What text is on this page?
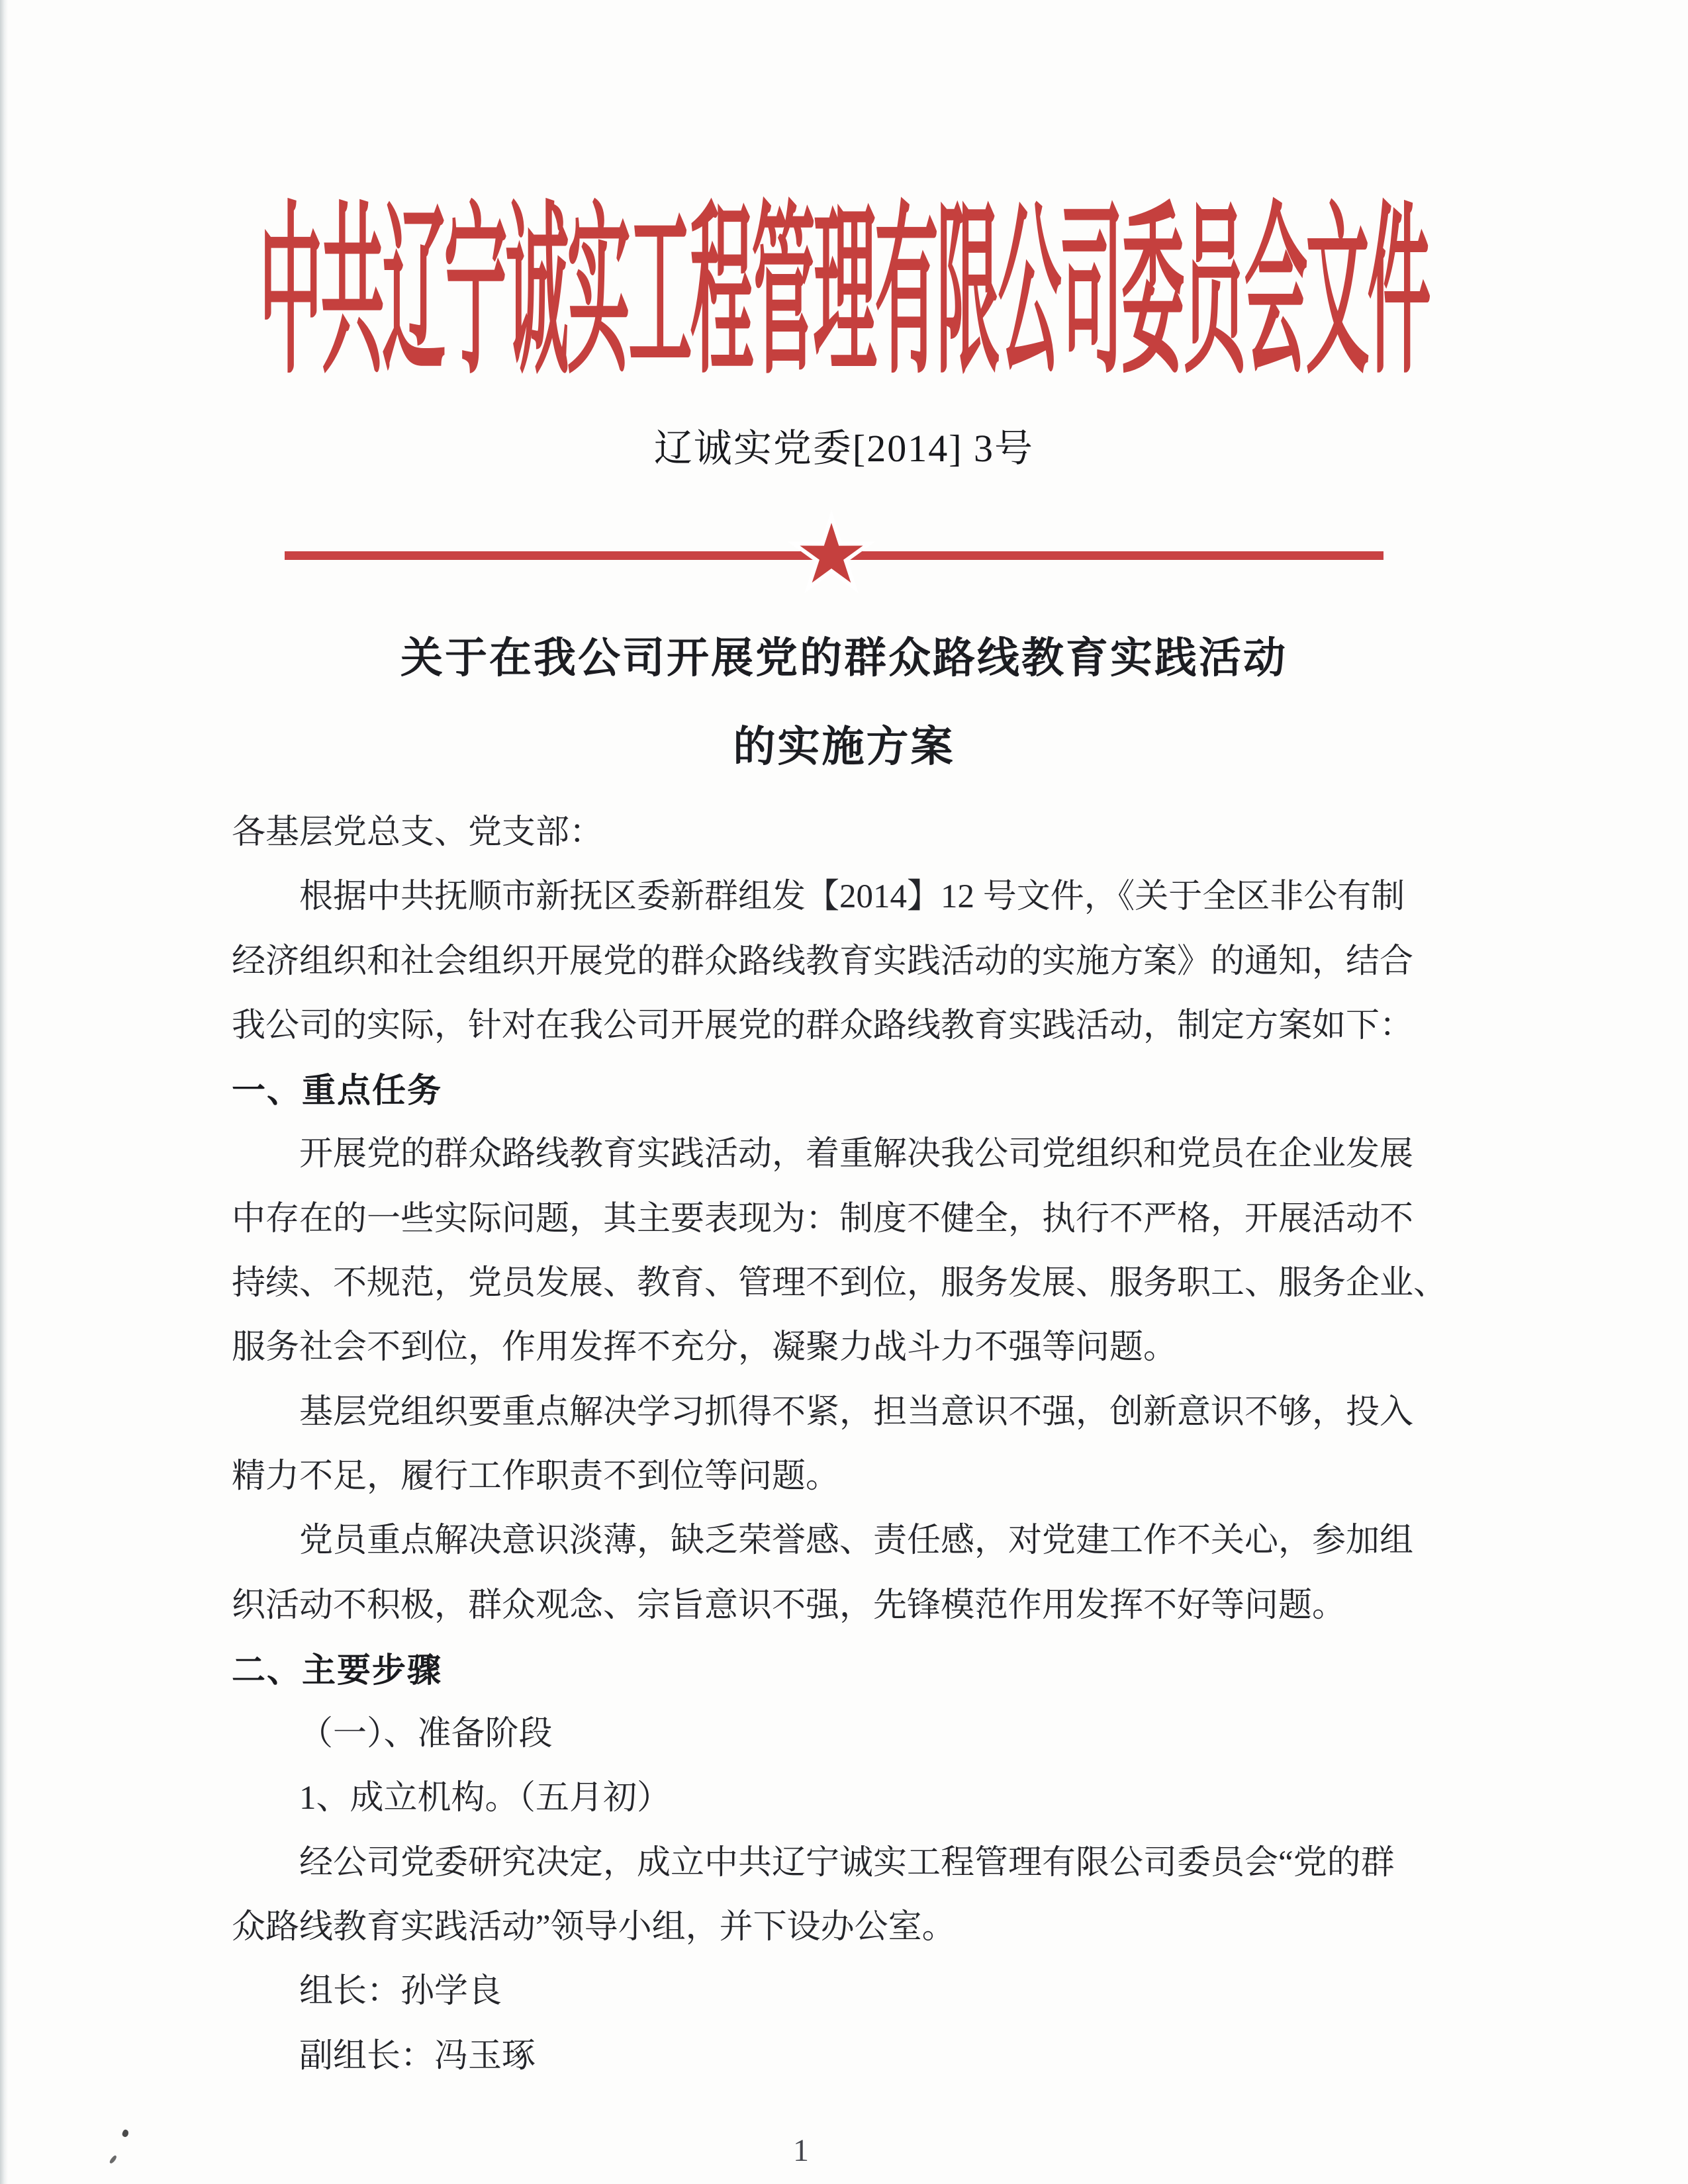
中共辽宁诚实工程管理有限公司委员会文件
辽诚实党委[2014] 3号
关于在我公司开展党的群众路线教育实践活动
的实施方案
各基层党总支、党支部：
根据中共抚顺市新抚区委新群组发【2014】12 号文件，《关于全区非公有制
经济组织和社会组织开展党的群众路线教育实践活动的实施方案》的通知，结合
我公司的实际，针对在我公司开展党的群众路线教育实践活动，制定方案如下：
一、重点任务
开展党的群众路线教育实践活动，着重解决我公司党组织和党员在企业发展
中存在的一些实际问题，其主要表现为：制度不健全，执行不严格，开展活动不
持续、不规范，党员发展、教育、管理不到位，服务发展、服务职工、服务企业、
服务社会不到位，作用发挥不充分，凝聚力战斗力不强等问题。
基层党组织要重点解决学习抓得不紧，担当意识不强，创新意识不够，投入
精力不足，履行工作职责不到位等问题。
党员重点解决意识淡薄，缺乏荣誉感、责任感，对党建工作不关心，参加组
织活动不积极，群众观念、宗旨意识不强，先锋模范作用发挥不好等问题。
二、主要步骤
（一）、准备阶段
1、成立机构。（五月初）
经公司党委研究决定，成立中共辽宁诚实工程管理有限公司委员会“党的群
众路线教育实践活动”领导小组，并下设办公室。
组长：孙学良
副组长：冯玉琢
1
